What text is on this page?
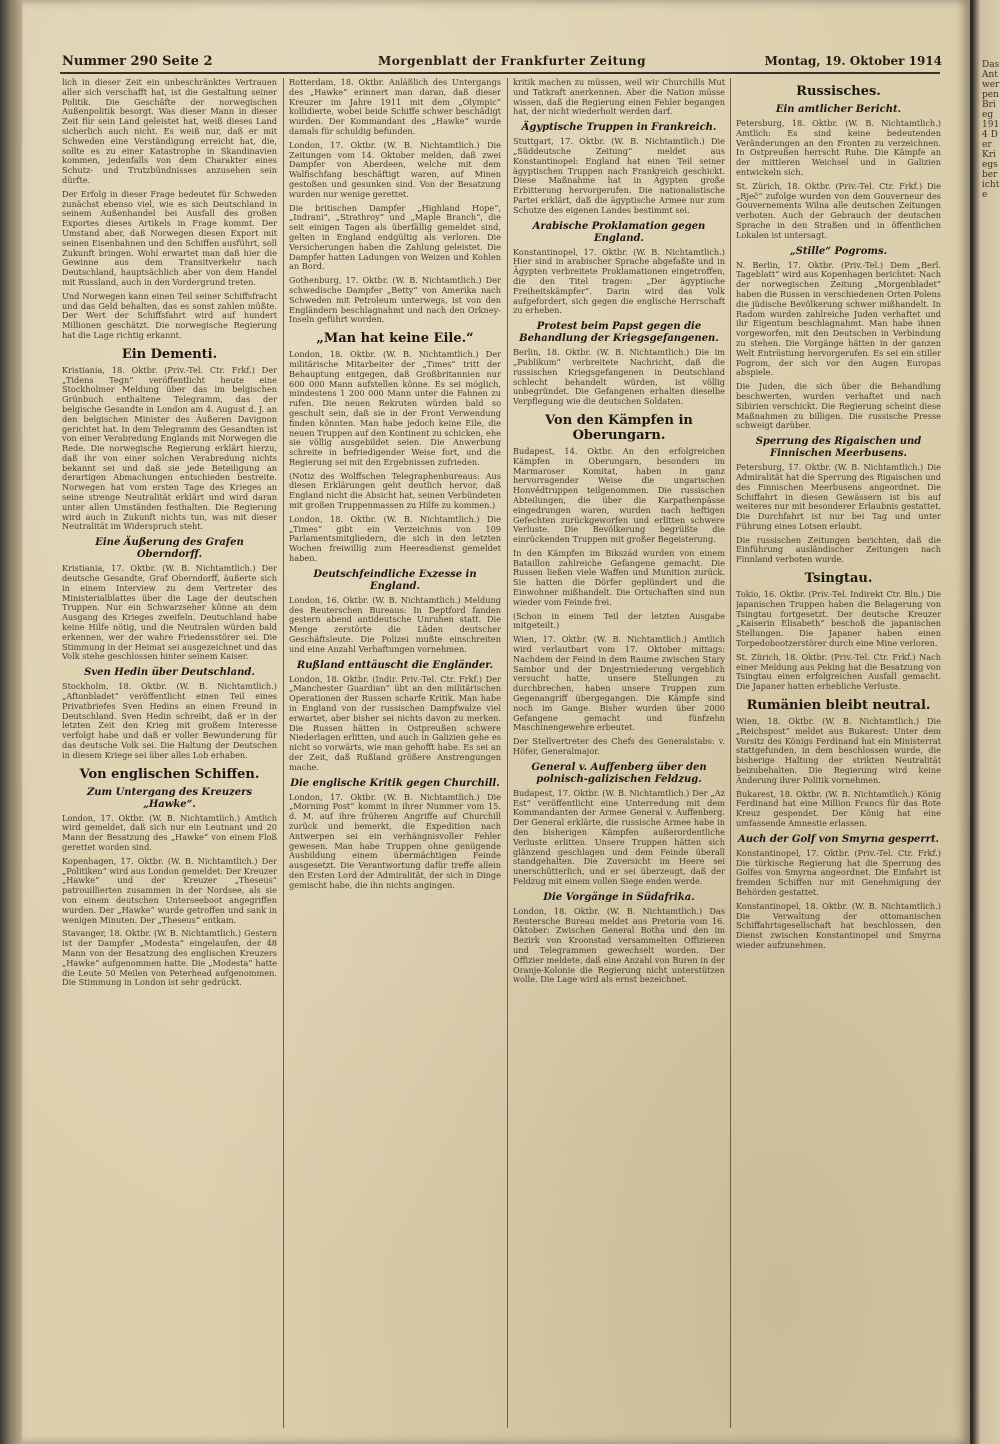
Das Antwerpen Brieg 1914 Der Kriegsberichte
Nummer 290 Seite 2	Morgenblatt der Frankfurter Zeitung	Montag, 19. Oktober 1914

lich in dieser Zeit ein unbeschränktes Vertrauen aller sich verschafft hat, ist die Gestaltung seiner Politik. Die Geschäfte der norwegischen Außenpolitik besorgt. Was dieser Mann in dieser Zeit für sein Land geleistet hat, weiß dieses Land sicherlich auch nicht. Es weiß nur, daß er mit Schweden eine Verständigung erreicht hat, die, sollte es zu einer Katastrophe in Skandinavien kommen, jedenfalls von dem Charakter eines Schutz- und Trutzbündnisses anzusehen sein dürfte.

Der Erfolg in dieser Frage bedeutet für Schweden zunächst ebenso viel, wie es sich Deutschland in seinem Außenhandel bei Ausfall des großen Exportes dieses Artikels in Frage kommt. Der Umstand aber, daß Norwegen diesen Export mit seinen Eisenbahnen und den Schiffen ausführt, soll Zukunft bringen. Wohl erwartet man daß hier die Gewinne aus dem Transitverkehr nach Deutschland, hauptsächlich aber von dem Handel mit Russland, auch in den Vordergrund treten.

Und Norwegen kann einen Teil seiner Schiffsfracht und das Geld behalten, das es sonst zahlen müßte. Der Wert der Schiffsfahrt wird auf hundert Millionen geschätzt. Die norwegische Regierung hat die Lage richtig erkannt.

Ein Dementi.

Kristiania, 18. Oktbr. (Priv.-Tel. Ctr. Frkf.) Der „Tidens Tegn“ veröffentlicht heute eine Stockholmer Meldung über das im belgischen Grünbuch enthaltene Telegramm, das der belgische Gesandte in London am 4. August d. J. an den belgischen Minister des Äußeren Davignon gerichtet hat. In dem Telegramm des Gesandten ist von einer Verabredung Englands mit Norwegen die Rede. Die norwegische Regierung erklärt hierzu, daß ihr von einer solchen Verabredung nichts bekannt sei und daß sie jede Beteiligung an derartigen Abmachungen entschieden bestreite. Norwegen hat vom ersten Tage des Krieges an seine strenge Neutralität erklärt und wird daran unter allen Umständen festhalten. Die Regierung wird auch in Zukunft nichts tun, was mit dieser Neutralität im Widerspruch steht.

Eine Äußerung des Grafen Oberndorff.

Kristiania, 17. Oktbr. (W. B. Nichtamtlich.) Der deutsche Gesandte, Graf Oberndorff, äußerte sich in einem Interview zu dem Vertreter des Ministerialblattes über die Lage der deutschen Truppen. Nur ein Schwarzseher könne an dem Ausgang des Krieges zweifeln. Deutschland habe keine Hilfe nötig, und die Neutralen würden bald erkennen, wer der wahre Friedensstörer sei. Die Stimmung in der Heimat sei ausgezeichnet und das Volk stehe geschlossen hinter seinem Kaiser.

Sven Hedin über Deutschland.

Stockholm, 18. Oktbr. (W. B. Nichtamtlich.) „Aftonbladet“ veröffentlicht einen Teil eines Privatbriefes Sven Hedins an einen Freund in Deutschland. Sven Hedin schreibt, daß er in der letzten Zeit den Krieg mit großem Interesse verfolgt habe und daß er voller Bewunderung für das deutsche Volk sei. Die Haltung der Deutschen in diesem Kriege sei über alles Lob erhaben.

Von englischen Schiffen.
Zum Untergang des Kreuzers „Hawke“.

London, 17. Oktbr. (W. B. Nichtamtlich.) Amtlich wird gemeldet, daß sich nur ein Leutnant und 20 Mann der Besatzung des „Hawke“ von einem Floß gerettet worden sind.

Kopenhagen, 17. Oktbr. (W. B. Nichtamtlich.) Der „Politiken“ wird aus London gemeldet: Der Kreuzer „Hawke“ und der Kreuzer „Theseus“ patrouillierten zusammen in der Nordsee, als sie von einem deutschen Unterseeboot angegriffen wurden. Der „Hawke“ wurde getroffen und sank in wenigen Minuten. Der „Theseus“ entkam.

Stavanger, 18. Oktbr. (W. B. Nichtamtlich.) Gestern ist der Dampfer „Modesta“ eingelaufen, der 48 Mann von der Besatzung des englischen Kreuzers „Hawke“ aufgenommen hatte. Die „Modesta“ hatte die Leute 50 Meilen von Peterhead aufgenommen. Die Stimmung in London ist sehr gedrückt.

Rotterdam, 18. Oktbr. Anläßlich des Untergangs des „Hawke“ erinnert man daran, daß dieser Kreuzer im Jahre 1911 mit dem „Olympic“ kollidierte, wobei beide Schiffe schwer beschädigt wurden. Der Kommandant des „Hawke“ wurde damals für schuldig befunden.

London, 17. Oktbr. (W. B. Nichtamtlich.) Die Zeitungen vom 14. Oktober melden, daß zwei Dampfer von Aberdeen, welche mit dem Walfischfang beschäftigt waren, auf Minen gestoßen und gesunken sind. Von der Besatzung wurden nur wenige gerettet.

Die britischen Dampfer „Highland Hope“, „Indrani“, „Strathroy“ und „Maple Branch“, die seit einigen Tagen als überfällig gemeldet sind, gelten in England endgültig als verloren. Die Versicherungen haben die Zahlung geleistet. Die Dampfer hatten Ladungen von Weizen und Kohlen an Bord.

Gothenburg, 17. Oktbr. (W. B. Nichtamtlich.) Der schwedische Dampfer „Betty“ von Amerika nach Schweden mit Petroleum unterwegs, ist von den Engländern beschlagnahmt und nach den Orkney-Inseln geführt worden.

„Man hat keine Eile.“

London, 18. Oktbr. (W. B. Nichtamtlich.) Der militärische Mitarbeiter der „Times“ tritt der Behauptung entgegen, daß Großbritannien nur 600 000 Mann aufstellen könne. Es sei möglich, mindestens 1 200 000 Mann unter die Fahnen zu rufen. Die neuen Rekruten würden bald so geschult sein, daß sie in der Front Verwendung finden könnten. Man habe jedoch keine Eile, die neuen Truppen auf den Kontinent zu schicken, ehe sie völlig ausgebildet seien. Die Anwerbung schreite in befriedigender Weise fort, und die Regierung sei mit den Ergebnissen zufrieden.

(Notiz des Wolffschen Telegraphenbureaus: Aus diesen Erklärungen geht deutlich hervor, daß England nicht die Absicht hat, seinen Verbündeten mit großen Truppenmassen zu Hilfe zu kommen.)

London, 18. Oktbr. (W. B. Nichtamtlich.) Die „Times“ gibt ein Verzeichnis von 109 Parlamentsmitgliedern, die sich in den letzten Wochen freiwillig zum Heeresdienst gemeldet haben.

Deutschfeindliche Exzesse in England.

London, 16. Oktbr. (W. B. Nichtamtlich.) Meldung des Reuterschen Bureaus: In Deptford fanden gestern abend antideutsche Unruhen statt. Die Menge zerstörte die Läden deutscher Geschäftsleute. Die Polizei mußte einschreiten und eine Anzahl Verhaftungen vornehmen.

Rußland enttäuscht die Engländer.

London, 18. Oktbr. (Indir. Priv.-Tel. Ctr. Frkf.) Der „Manchester Guardian“ übt an den militärischen Operationen der Russen scharfe Kritik. Man habe in England von der russischen Dampfwalze viel erwartet, aber bisher sei nichts davon zu merken. Die Russen hätten in Ostpreußen schwere Niederlagen erlitten, und auch in Galizien gehe es nicht so vorwärts, wie man gehofft habe. Es sei an der Zeit, daß Rußland größere Anstrengungen mache.

Die englische Kritik gegen Churchill.

London, 17. Oktbr. (W. B. Nichtamtlich.) Die „Morning Post“ kommt in ihrer Nummer vom 15. d. M. auf ihre früheren Angriffe auf Churchill zurück und bemerkt, die Expedition nach Antwerpen sei ein verhängnisvoller Fehler gewesen. Man habe Truppen ohne genügende Ausbildung einem übermächtigen Feinde ausgesetzt. Die Verantwortung dafür treffe allein den Ersten Lord der Admiralität, der sich in Dinge gemischt habe, die ihn nichts angingen.

kritik machen zu müssen, weil wir Churchills Mut und Tatkraft anerkennen. Aber die Nation müsse wissen, daß die Regierung einen Fehler begangen hat, der nicht wiederholt werden darf.

Ägyptische Truppen in Frankreich.

Stuttgart, 17. Oktbr. (W. B. Nichtamtlich.) Die „Süddeutsche Zeitung“ meldet aus Konstantinopel: England hat einen Teil seiner ägyptischen Truppen nach Frankreich geschickt. Diese Maßnahme hat in Ägypten große Erbitterung hervorgerufen. Die nationalistische Partei erklärt, daß die ägyptische Armee nur zum Schutze des eigenen Landes bestimmt sei.

Arabische Proklamation gegen England.

Konstantinopel, 17. Oktbr. (W. B. Nichtamtlich.) Hier sind in arabischer Sprache abgefaßte und in Ägypten verbreitete Proklamationen eingetroffen, die den Titel tragen: „Der ägyptische Freiheitskämpfer“. Darin wird das Volk aufgefordert, sich gegen die englische Herrschaft zu erheben.

Protest beim Papst gegen die Behandlung der Kriegsgefangenen.

Berlin, 18. Oktbr. (W. B. Nichtamtlich.) Die im „Publikum“ verbreitete Nachricht, daß die russischen Kriegsgefangenen in Deutschland schlecht behandelt würden, ist völlig unbegründet. Die Gefangenen erhalten dieselbe Verpflegung wie die deutschen Soldaten.

Von den Kämpfen in Oberungarn.

Budapest, 14. Oktbr. An den erfolgreichen Kämpfen in Oberungarn, besonders im Marmaroser Komitat, haben in ganz hervorragender Weise die ungarischen Honvédtruppen teilgenommen. Die russischen Abteilungen, die über die Karpathenpässe eingedrungen waren, wurden nach heftigen Gefechten zurückgeworfen und erlitten schwere Verluste. Die Bevölkerung begrüßte die einrückenden Truppen mit großer Begeisterung.

In den Kämpfen im Bikszád wurden von einem Bataillon zahlreiche Gefangene gemacht. Die Russen ließen viele Waffen und Munition zurück. Sie hatten die Dörfer geplündert und die Einwohner mißhandelt. Die Ortschaften sind nun wieder vom Feinde frei.

(Schon in einem Teil der letzten Ausgabe mitgeteilt.)

Wien, 17. Oktbr. (W. B. Nichtamtlich.) Amtlich wird verlautbart vom 17. Oktober mittags: Nachdem der Feind in dem Raume zwischen Stary Sambor und der Dnjestrniederung vergeblich versucht hatte, unsere Stellungen zu durchbrechen, haben unsere Truppen zum Gegenangriff übergegangen. Die Kämpfe sind noch im Gange. Bisher wurden über 2000 Gefangene gemacht und fünfzehn Maschinengewehre erbeutet.

Der Stellvertreter des Chefs des Generalstabs: v. Höfer, Generalmajor.

General v. Auffenberg über den polnisch-galizischen Feldzug.

Budapest, 17. Oktbr. (W. B. Nichtamtlich.) Der „Az Est“ veröffentlicht eine Unterredung mit dem Kommandanten der Armee General v. Auffenberg. Der General erklärte, die russische Armee habe in den bisherigen Kämpfen außerordentliche Verluste erlitten. Unsere Truppen hätten sich glänzend geschlagen und dem Feinde überall standgehalten. Die Zuversicht im Heere sei unerschütterlich, und er sei überzeugt, daß der Feldzug mit einem vollen Siege enden werde.

Die Vorgänge in Südafrika.

London, 18. Oktbr. (W. B. Nichtamtlich.) Das Reutersche Bureau meldet aus Pretoria vom 16. Oktober: Zwischen General Botha und den im Bezirk von Kroonstad versammelten Offizieren und Telegrammen gewechselt worden. Der Offizier meldete, daß eine Anzahl von Buren in der Oranje-Kolonie die Regierung nicht unterstützen wolle. Die Lage wird als ernst bezeichnet.

Russisches.
Ein amtlicher Bericht.

Petersburg, 18. Oktbr. (W. B. Nichtamtlich.) Amtlich: Es sind keine bedeutenden Veränderungen an den Fronten zu verzeichnen. In Ostpreußen herrscht Ruhe. Die Kämpfe an der mittleren Weichsel und in Galizien entwickeln sich.

St. Zürich, 18. Oktbr. (Priv.-Tel. Ctr. Frkf.) Die „Rječ“ zufolge wurden von dem Gouverneur des Gouvernements Wilna alle deutschen Zeitungen verboten. Auch der Gebrauch der deutschen Sprache in den Straßen und in öffentlichen Lokalen ist untersagt.

„Stille“ Pogroms.

N. Berlin, 17. Oktbr. (Priv.-Tel.) Dem „Berl. Tageblatt“ wird aus Kopenhagen berichtet: Nach der norwegischen Zeitung „Morgenbladet“ haben die Russen in verschiedenen Orten Polens die jüdische Bevölkerung schwer mißhandelt. In Radom wurden zahlreiche Juden verhaftet und ihr Eigentum beschlagnahmt. Man habe ihnen vorgeworfen, mit den Deutschen in Verbindung zu stehen. Die Vorgänge hätten in der ganzen Welt Entrüstung hervorgerufen. Es sei ein stiller Pogrom, der sich vor den Augen Europas abspiele.

Die Juden, die sich über die Behandlung beschwerten, wurden verhaftet und nach Sibirien verschickt. Die Regierung scheint diese Maßnahmen zu billigen. Die russische Presse schweigt darüber.

Sperrung des Rigaischen und Finnischen Meerbusens.

Petersburg, 17. Oktbr. (W. B. Nichtamtlich.) Die Admiralität hat die Sperrung des Rigaischen und des Finnischen Meerbusens angeordnet. Die Schiffahrt in diesen Gewässern ist bis auf weiteres nur mit besonderer Erlaubnis gestattet. Die Durchfahrt ist nur bei Tag und unter Führung eines Lotsen erlaubt.

Die russischen Zeitungen berichten, daß die Einführung ausländischer Zeitungen nach Finnland verboten wurde.

Tsingtau.

Tokio, 16. Oktbr. (Priv.-Tel. Indirekt Ctr. Bln.) Die japanischen Truppen haben die Belagerung von Tsingtau fortgesetzt. Der deutsche Kreuzer „Kaiserin Elisabeth“ beschoß die japanischen Stellungen. Die Japaner haben einen Torpedobootzerstörer durch eine Mine verloren.

St. Zürich, 18. Oktbr. (Priv.-Tel. Ctr. Frkf.) Nach einer Meldung aus Peking hat die Besatzung von Tsingtau einen erfolgreichen Ausfall gemacht. Die Japaner hatten erhebliche Verluste.

Rumänien bleibt neutral.

Wien, 18. Oktbr. (W. B. Nichtamtlich.) Die „Reichspost“ meldet aus Bukarest: Unter dem Vorsitz des Königs Ferdinand hat ein Ministerrat stattgefunden, in dem beschlossen wurde, die bisherige Haltung der strikten Neutralität beizubehalten. Die Regierung wird keine Änderung ihrer Politik vornehmen.

Bukarest, 18. Oktbr. (W. B. Nichtamtlich.) König Ferdinand hat eine Million Francs für das Rote Kreuz gespendet. Der König hat eine umfassende Amnestie erlassen.

Auch der Golf von Smyrna gesperrt.

Konstantinopel, 17. Oktbr. (Priv.-Tel. Ctr. Frkf.) Die türkische Regierung hat die Sperrung des Golfes von Smyrna angeordnet. Die Einfahrt ist fremden Schiffen nur mit Genehmigung der Behörden gestattet.

Konstantinopel, 18. Oktbr. (W. B. Nichtamtlich.) Die Verwaltung der ottomanischen Schiffahrtsgesellschaft hat beschlossen, den Dienst zwischen Konstantinopel und Smyrna wieder aufzunehmen.
